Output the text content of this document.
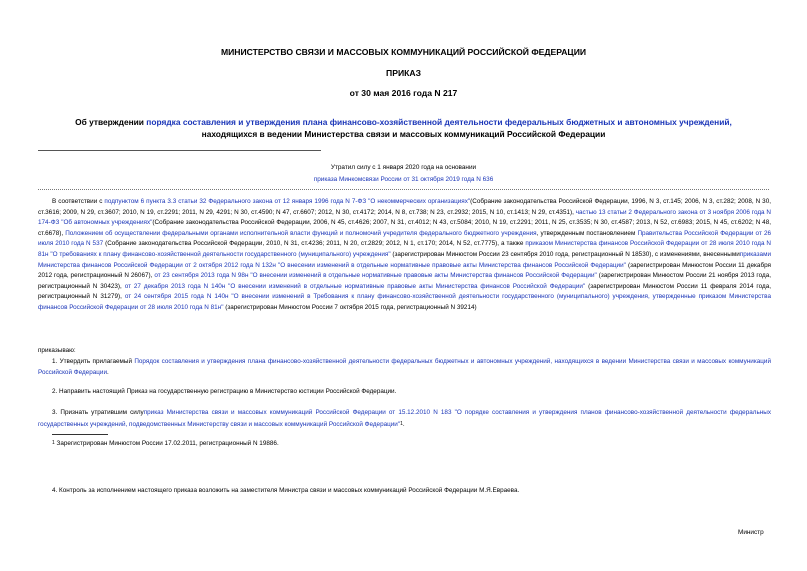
МИНИСТЕРСТВО СВЯЗИ И МАССОВЫХ КОММУНИКАЦИЙ РОССИЙСКОЙ ФЕДЕРАЦИИ
ПРИКАЗ
от 30 мая 2016 года N 217
Об утверждении порядка составления и утверждения плана финансово-хозяйственной деятельности федеральных бюджетных и автономных учреждений,
находящихся в ведении Министерства связи и массовых коммуникаций Российской Федерации
Утратил силу с 1 января 2020 года на основании
приказа Минкомсвязи России от 31 октября 2019 года N 636
В соответствии с подпунктом 6 пункта 3.3 статьи 32 Федерального закона от 12 января 1996 года N 7-ФЗ "О некоммерческих организациях"(Собрание законодательства Российской Федерации, 1996, N 3, ст.145; 2006, N 3, ст.282; 2008, N 30, ст.3616; 2009, N 29, ст.3607; 2010, N 19, ст.2291; 2011, N 29, 4291; N 30, ст.4590; N 47, ст.6607; 2012, N 30, ст.4172; 2014, N 8, ст.738; N 23, ст.2932; 2015, N 10, ст.1413; N 29, ст.4351), частью 13 статьи 2 Федерального закона от 3 ноября 2006 года N 174-ФЗ "Об автономных учреждениях"(Собрание законодательства Российской Федерации, 2006, N 45, ст.4626; 2007, N 31, ст.4012; N 43, ст.5084; 2010, N 19, ст.2291; 2011, N 25, ст.3535; N 30, ст.4587; 2013, N 52, ст.6983; 2015, N 45, ст.6202; N 48, ст.6678), Положением об осуществлении федеральными органами исполнительной власти функций и полномочий учредителя федерального бюджетного учреждения, утвержденным постановлением Правительства Российской Федерации от 26 июля 2010 года N 537 (Собрание законодательства Российской Федерации, 2010, N 31, ст.4236; 2011, N 20, ст.2829; 2012, N 1, ст.170; 2014, N 52, ст.7775), а также приказом Министерства финансов Российской Федерации от 28 июля 2010 года N 81н "О требованиях к плану финансово-хозяйственной деятельности государственного (муниципального) учреждения" (зарегистрирован Минюстом России 23 сентября 2010 года, регистрационный N 18530), с изменениями, внесеннымиприказами Министерства финансов Российской Федерации от 2 октября 2012 года N 132н "О внесении изменений в отдельные нормативные правовые акты Министерства финансов Российской Федерации" (зарегистрирован Минюстом России 11 декабря 2012 года, регистрационный N 26067), от 23 сентября 2013 года N 98н "О внесении изменений в отдельные нормативные правовые акты Министерства финансов Российской Федерации" (зарегистрирован Минюстом России 21 ноября 2013 года, регистрационный N 30423), от 27 декабря 2013 года N 140н "О внесении изменений в отдельные нормативные правовые акты Министерства финансов Российской Федерации" (зарегистрирован Минюстом России 11 февраля 2014 года, регистрационный N 31279), от 24 сентября 2015 года N 140н "О внесении изменений в Требования к плану финансово-хозяйственной деятельности государственного (муниципального) учреждения, утвержденные приказом Министерства финансов Российской Федерации от 28 июля 2010 года N 81н" (зарегистрирован Минюстом России 7 октября 2015 года, регистрационный N 39214)
приказываю:
1. Утвердить прилагаемый Порядок составления и утверждения плана финансово-хозяйственной деятельности федеральных бюджетных и автономных учреждений, находящихся в ведении Министерства связи и массовых коммуникаций Российской Федерации.
2. Направить настоящий Приказ на государственную регистрацию в Министерство юстиции Российской Федерации.
3. Признать утратившим силуприказ Министерства связи и массовых коммуникаций Российской Федерации от 15.12.2010 N 183 "О порядке составления и утверждения планов финансово-хозяйственной деятельности федеральных государственных учреждений, подведомственных Министерству связи и массовых коммуникаций Российской Федерации"$^1$.
$^1$ Зарегистрирован Минюстом России 17.02.2011, регистрационный N 19886.
4. Контроль за исполнением настоящего приказа возложить на заместителя Министра связи и массовых коммуникаций Российской Федерации М.Я.Евраева.
Министр
